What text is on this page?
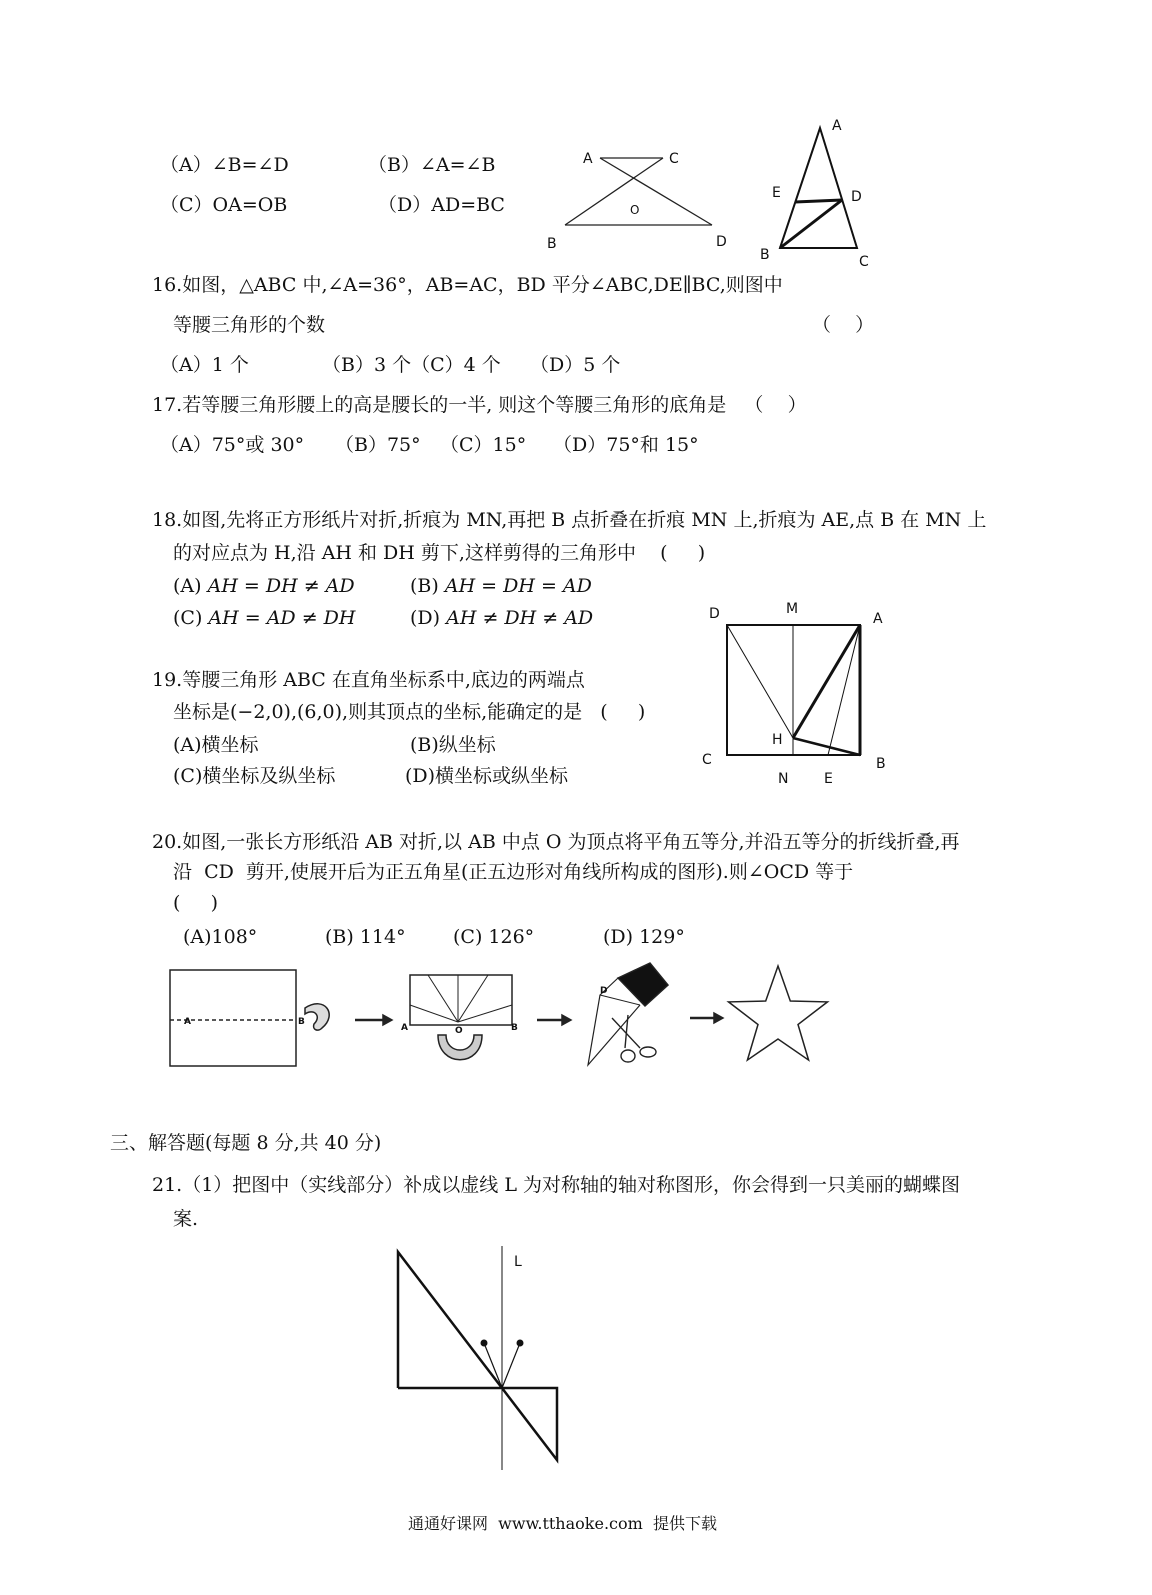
（A）∠B=∠D	（B）∠A=∠B
（C）OA=OB	（D）AD=BC
16.如图，△ABC 中,∠A=36°，AB=AC，BD 平分∠ABC,DE∥BC,则图中
等腰三角形的个数	（    ）
（A）1 个	（B）3 个（C）4 个 （D）5 个
17.若等腰三角形腰上的高是腰长的一半, 则这个等腰三角形的底角是   （    ）
（A）75°或 30° （B）75° （C）15° （D）75°和 15°
18.如图,先将正方形纸片对折,折痕为 MN,再把 B 点折叠在折痕 MN 上,折痕为 AE,点 B 在 MN 上
的对应点为 H,沿 AH 和 DH 剪下,这样剪得的三角形中    (     )
(A) AH = DH ≠ AD	(B) AH = DH = AD
(C) AH = AD ≠ DH	(D) AH ≠ DH ≠ AD
19.等腰三角形 ABC 在直角坐标系中,底边的两端点
坐标是(−2,0),(6,0),则其顶点的坐标,能确定的是   (     )
(A)横坐标	(B)纵坐标
(C)横坐标及纵坐标	(D)横坐标或纵坐标
20.如图,一张长方形纸沿 AB 对折,以 AB 中点 O 为顶点将平角五等分,并沿五等分的折线折叠,再
沿  CD  剪开,使展开后为正五角星(正五边形对角线所构成的图形).则∠OCD 等于
(     )
(A)108°	(B) 114° (C) 126°	(D) 129°
三、解答题(每题 8 分,共 40 分)
21.（1）把图中（实线部分）补成以虚线 L 为对称轴的轴对称图形，你会得到一只美丽的蝴蝶图
案.
通通好课网  www.tthaoke.com  提供下载
A	C
O
B	D
A
E	D
B	C
D	M
A
H
C
N	E
B
A	B
A	O	B
D
L
